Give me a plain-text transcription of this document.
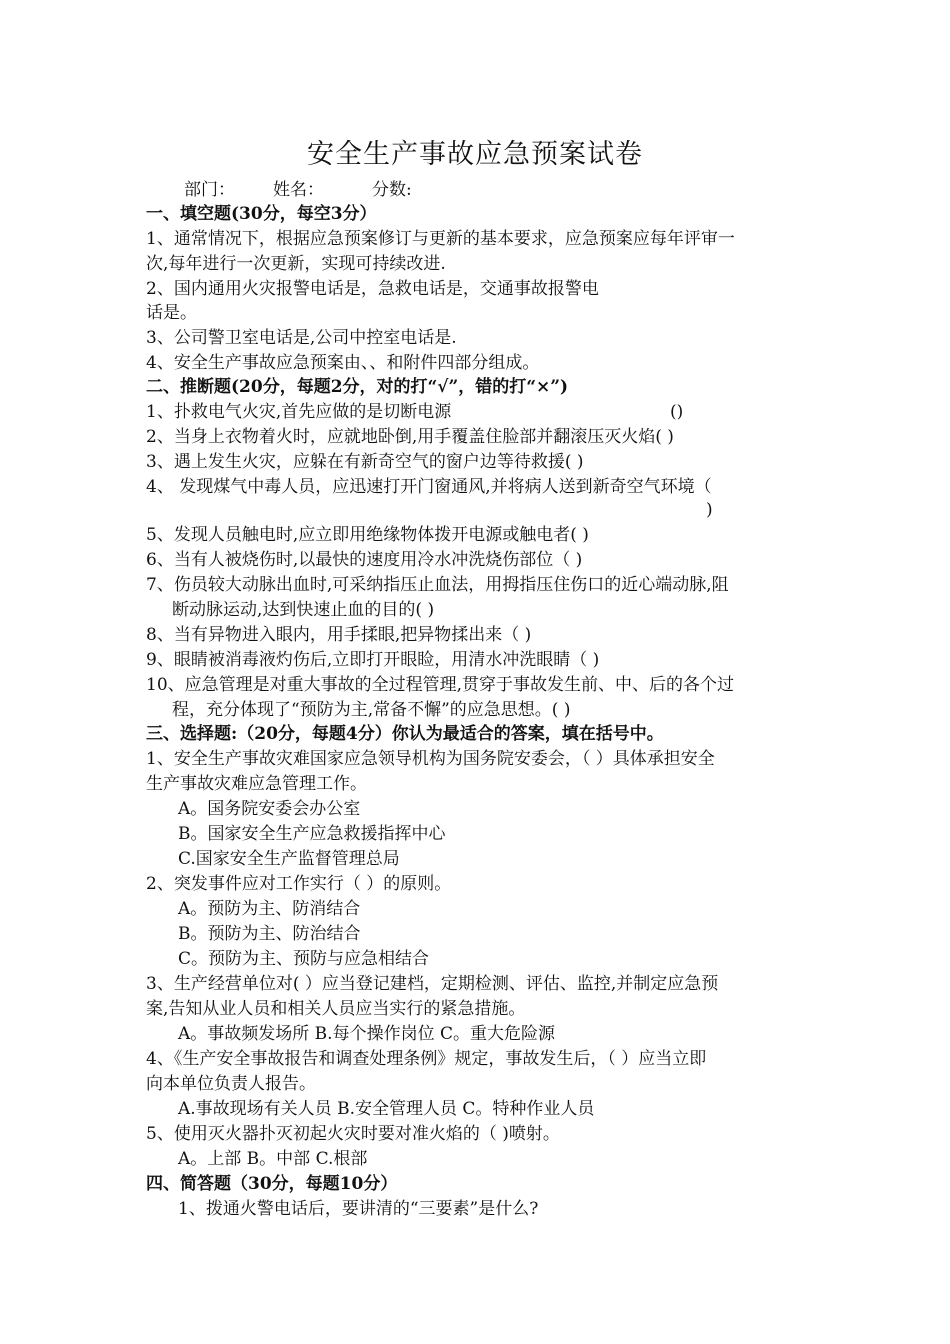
安全生产事故应急预案试卷
部门： 姓名：	分数:
一、填空题(30分，每空3分）
1、通常情况下，根据应急预案修订与更新的基本要求，应急预案应每年评审一
次,每年进行一次更新，实现可持续改进.
2、国内通用火灾报警电话是，急救电话是，交通事故报警电
话是。
3、公司警卫室电话是,公司中控室电话是.
4、安全生产事故应急预案由、、和附件四部分组成。
二、推断题(20分，每题2分，对的打“√”，错的打“×”)
1、扑救电气火灾,首先应做的是切断电源	()
2、当身上衣物着火时，应就地卧倒,用手覆盖住脸部并翻滚压灭火焰( )
3、遇上发生火灾，应躲在有新奇空气的窗户边等待救援( )
4、 发现煤气中毒人员，应迅速打开门窗通风,并将病人送到新奇空气环境（
)
5、发现人员触电时,应立即用绝缘物体拨开电源或触电者( )
6、当有人被烧伤时,以最快的速度用冷水冲洗烧伤部位（ )
7、伤员较大动脉出血时,可采纳指压止血法，用拇指压住伤口的近心端动脉,阻
断动脉运动,达到快速止血的目的( )
8、当有异物进入眼内，用手揉眼,把异物揉出来（ )
9、眼睛被消毒液灼伤后,立即打开眼睑，用清水冲洗眼睛（ )
10、应急管理是对重大事故的全过程管理,贯穿于事故发生前、中、后的各个过
程，充分体现了“预防为主,常备不懈”的应急思想。( )
三、选择题:（20分，每题4分）你认为最适合的答案，填在括号中。
1、安全生产事故灾难国家应急领导机构为国务院安委会，（ ）具体承担安全
生产事故灾难应急管理工作。
A。国务院安委会办公室
B。国家安全生产应急救援指挥中心
C.国家安全生产监督管理总局
2、突发事件应对工作实行（ ）的原则。
A。预防为主、防消结合
B。预防为主、防治结合
C。预防为主、预防与应急相结合
3、生产经营单位对( ）应当登记建档，定期检测、评估、监控,并制定应急预
案,告知从业人员和相关人员应当实行的紧急措施。
A。事故频发场所 B.每个操作岗位 C。重大危险源
4、《生产安全事故报告和调查处理条例》规定，事故发生后，（ ）应当立即
向本单位负责人报告。
A.事故现场有关人员 B.安全管理人员 C。特种作业人员
5、使用灭火器扑灭初起火灾时要对准火焰的（ )喷射。
A。上部 B。中部 C.根部
四、简答题（30分，每题10分）
1、拨通火警电话后，要讲清的“三要素”是什么?
